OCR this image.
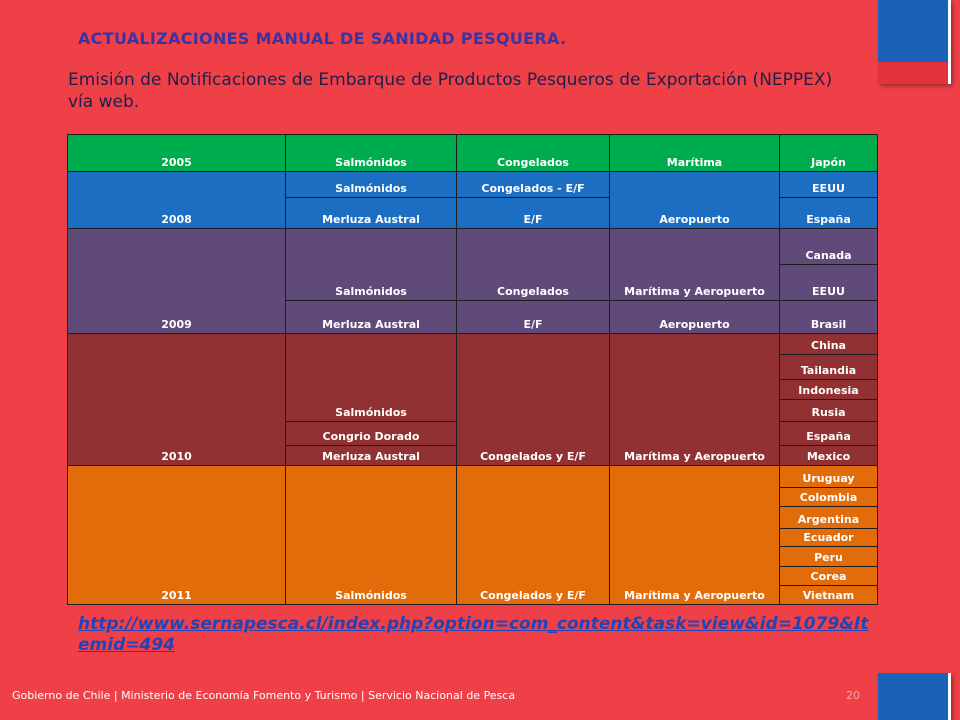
ACTUALIZACIONES MANUAL DE SANIDAD PESQUERA.

Emisión de Notificaciones de Embarque de Productos Pesqueros de Exportación (NEPPEX) vía web.

2005	Salmónidos	Congelados	Marítima	Japón
2008	Salmónidos	Congelados - E/F	Aeropuerto	EEUU
	Merluza Austral	E/F		España
2009	Salmónidos	Congelados	Marítima y Aeropuerto	Canada
				EEUU
	Merluza Austral	E/F	Aeropuerto	Brasil
2010	Salmónidos	Congelados y E/F	Marítima y Aeropuerto	China
				Tailandia
				Indonesia
				Rusia
	Congrio Dorado			España
	Merluza Austral			Mexico
2011	Salmónidos	Congelados y E/F	Marítima y Aeropuerto	Uruguay
				Colombia
				Argentina
				Ecuador
				Peru
				Corea
				Vietnam
http://www.sernapesca.cl/index.php?option=com_content&task=view&id=1079&Itemid=494
Gobierno de Chile | Ministerio de Economía Fomento y Turismo | Servicio Nacional de Pesca	20
